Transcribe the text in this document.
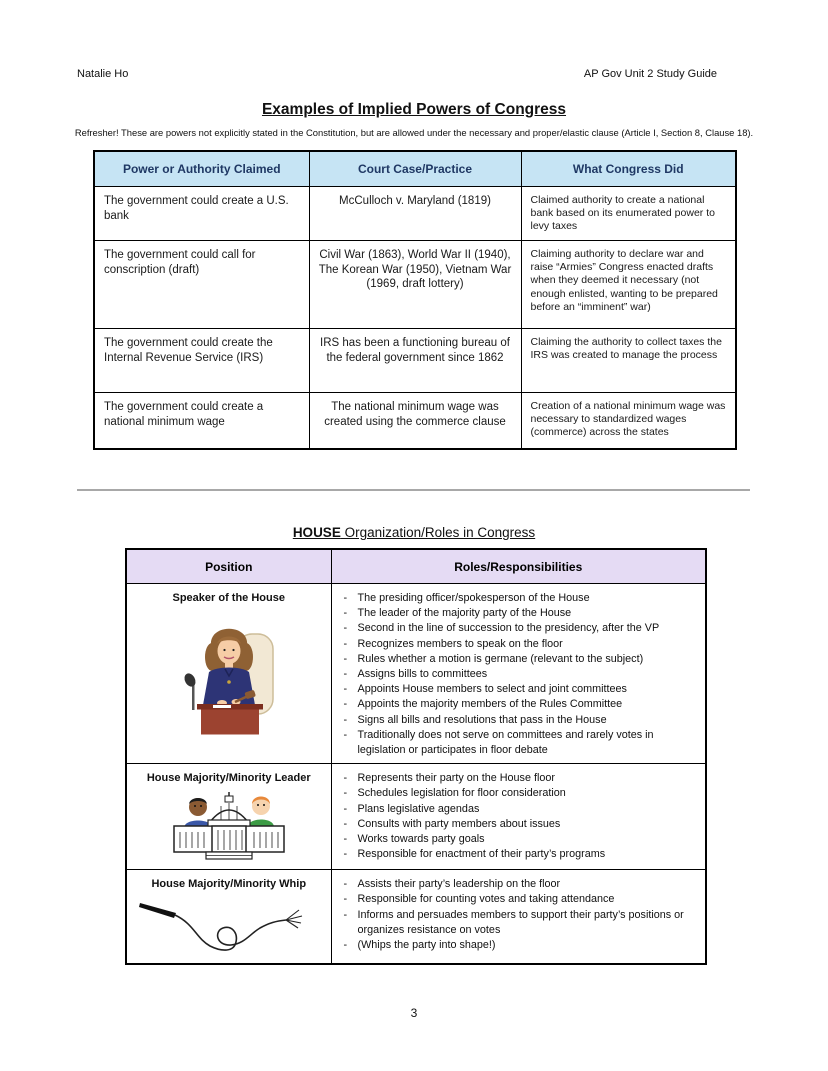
Natalie Ho	AP Gov Unit 2 Study Guide
Examples of Implied Powers of Congress

Refresher! These are powers not explicitly stated in the Constitution, but are allowed under the necessary and proper/elastic clause (Article I, Section 8, Clause 18).

Power or Authority Claimed	Court Case/Practice	What Congress Did
The government could create a U.S. bank	McCulloch v. Maryland (1819)	Claimed authority to create a national bank based on its enumerated power to levy taxes
The government could call for conscription (draft)	Civil War (1863), World War II (1940), The Korean War (1950), Vietnam War (1969, draft lottery)	Claiming authority to declare war and raise “Armies” Congress enacted drafts when they deemed it necessary (not enough enlisted, wanting to be prepared before an “imminent” war)
The government could create the Internal Revenue Service (IRS)	IRS has been a functioning bureau of the federal government since 1862	Claiming the authority to collect taxes the IRS was created to manage the process
The government could create a national minimum wage	The national minimum wage was created using the commerce clause	Creation of a national minimum wage was necessary to standardized wages (commerce) across the states
HOUSE Organization/Roles in Congress
Position	Roles/Responsibilities

Speaker of the House

-The presiding officer/spokesperson of the House
- The leader of the majority party of the House
- Second in the line of succession to the presidency, after the VP
- Recognizes members to speak on the floor
- Rules whether a motion is germane (relevant to the subject)
- Assigns bills to committees
- Appoints House members to select and joint committees
- Appoints the majority members of the Rules Committee
- Signs all bills and resolutions that pass in the House
- Traditionally does not serve on committees and rarely votes in legislation or participates in floor debate

House Majority/Minority Leader

-Represents their party on the House floor
- Schedules legislation for floor consideration
- Plans legislative agendas
- Consults with party members about issues
- Works towards party goals
- Responsible for enactment of their party’s programs

House Majority/Minority Whip	- Assists their party’s leadership on the floor
- Responsible for counting votes and taking attendance
- Informs and persuades members to support their party’s positions or organizes resistance on votes
- (Whips the party into shape!)
3
